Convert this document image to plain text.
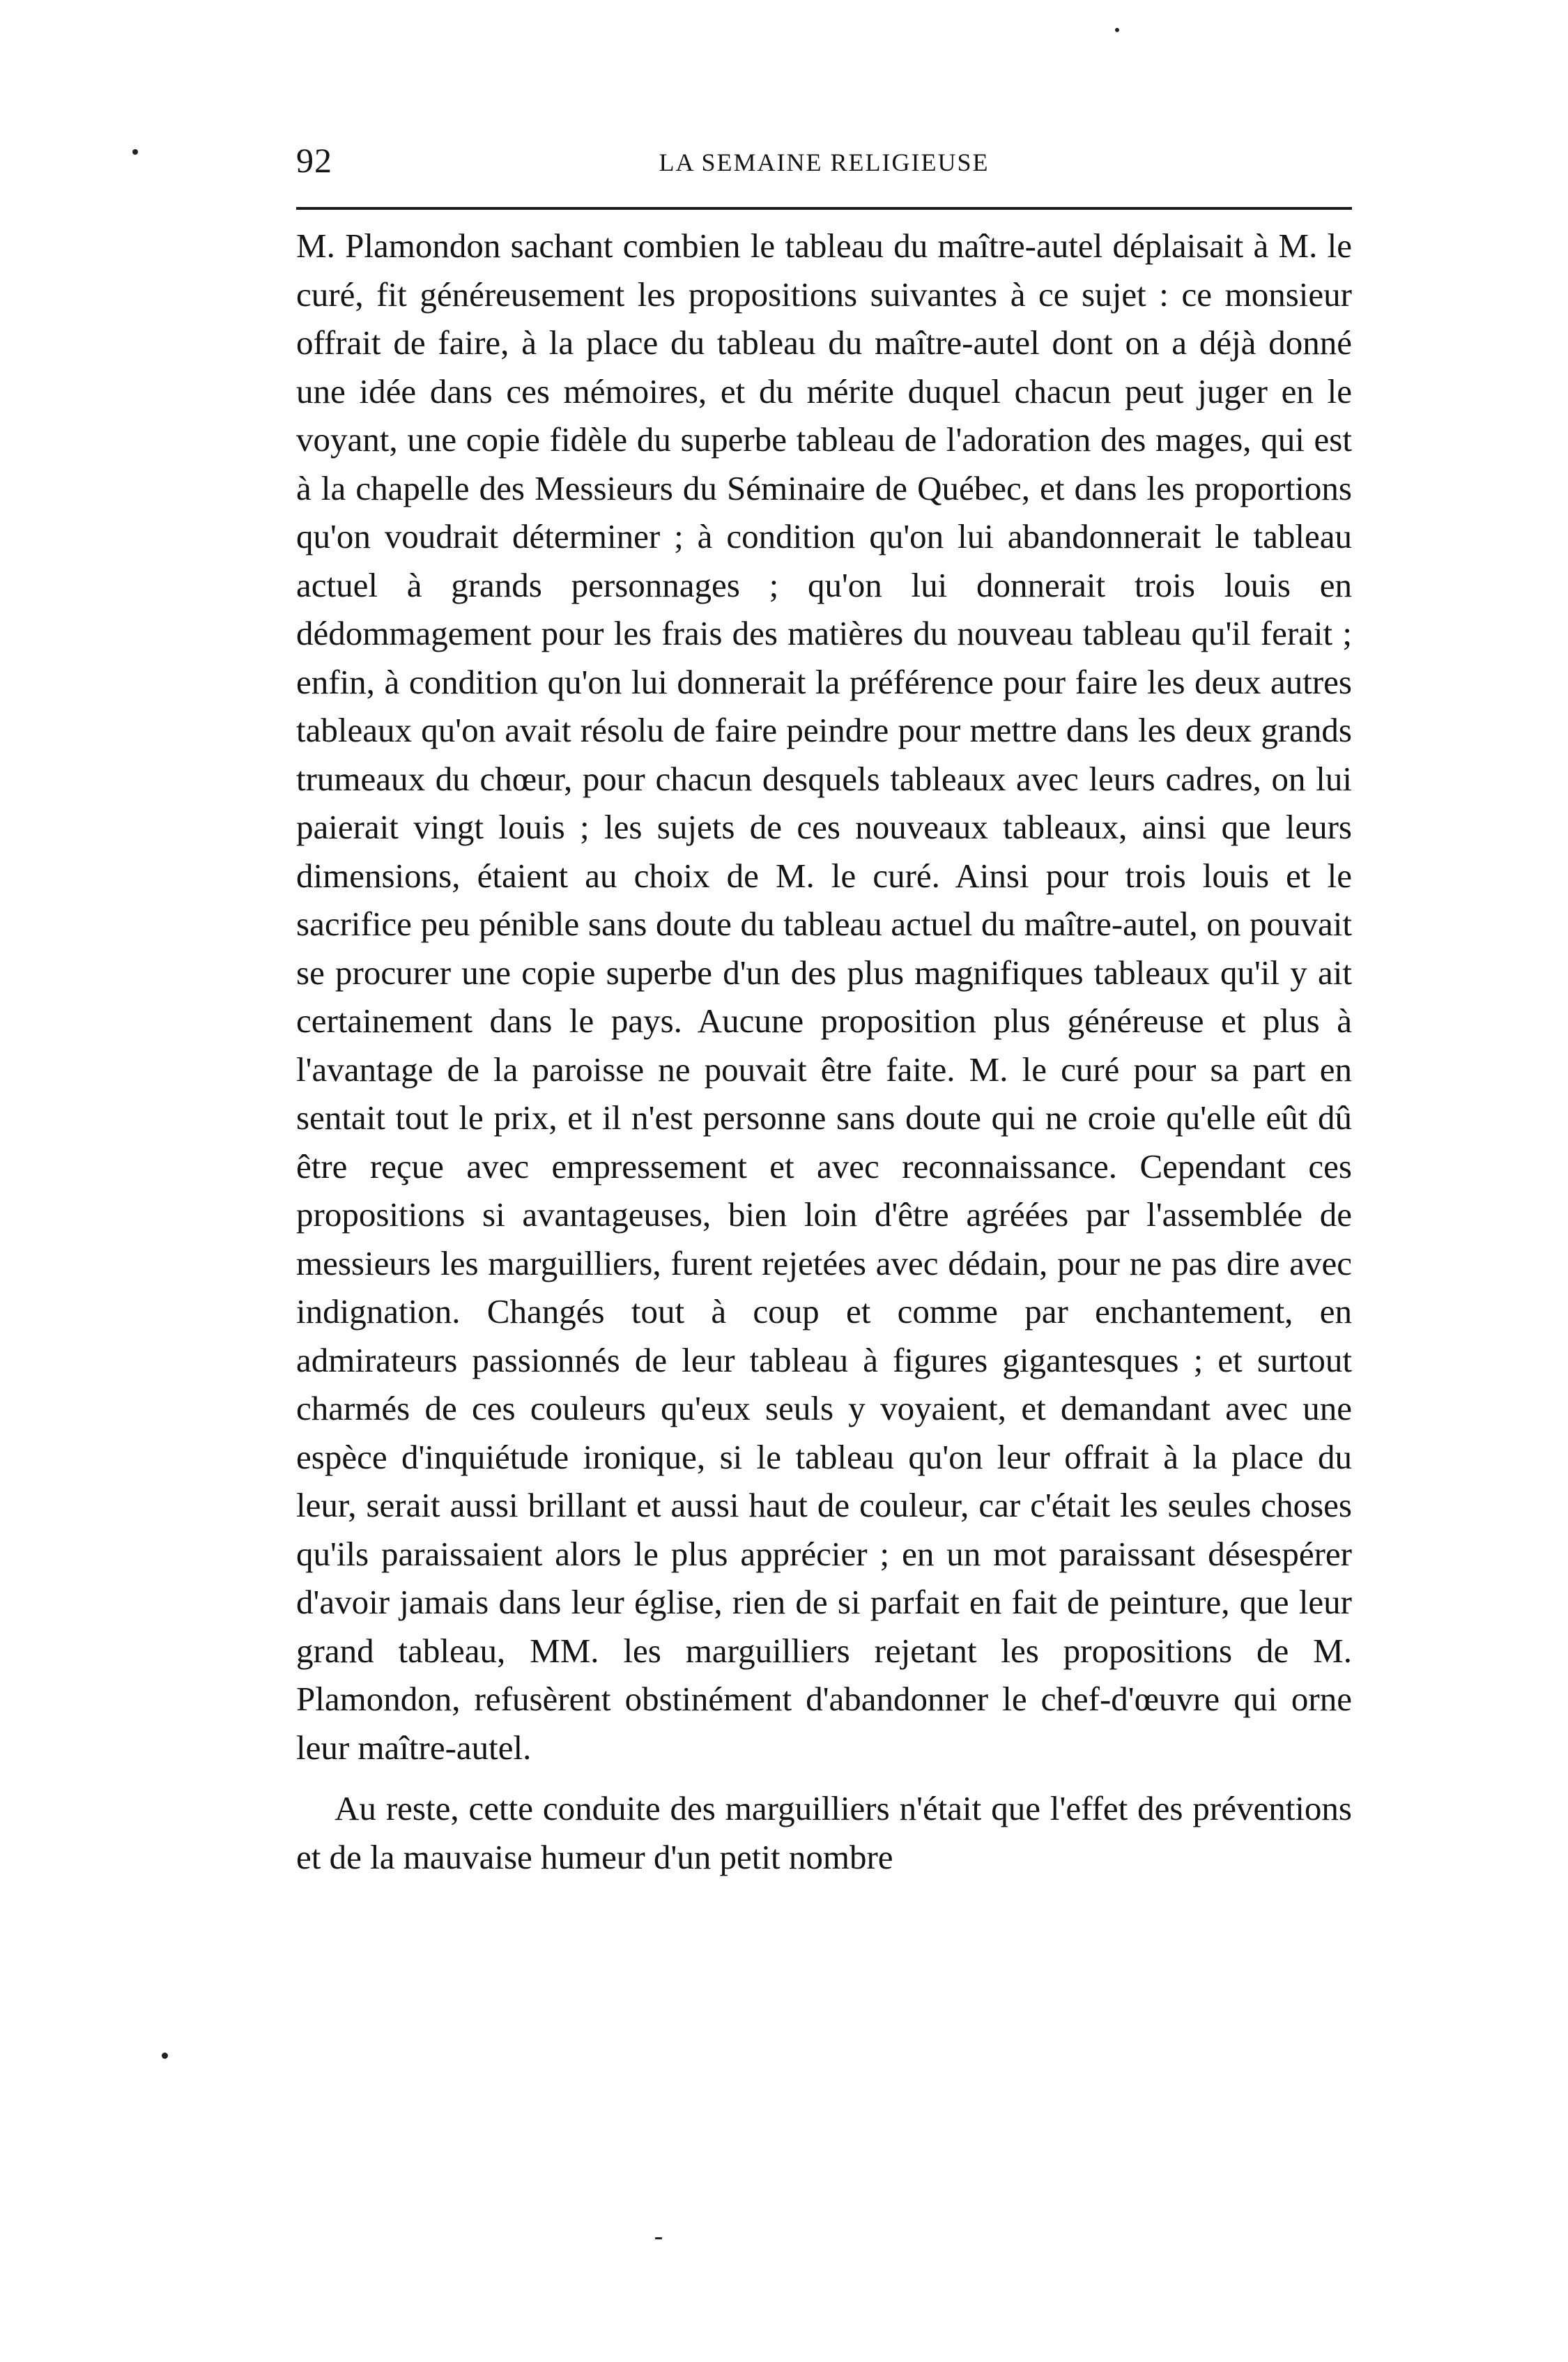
92	LA SEMAINE RELIGIEUSE

M. Plamondon sachant combien le tableau du maître-autel déplaisait à M. le curé, fit généreusement les propositions suivantes à ce sujet : ce monsieur offrait de faire, à la place du tableau du maître-autel dont on a déjà donné une idée dans ces mémoires, et du mérite duquel chacun peut juger en le voyant, une copie fidèle du superbe tableau de l'adoration des mages, qui est à la chapelle des Messieurs du Séminaire de Québec, et dans les proportions qu'on voudrait déterminer ; à condition qu'on lui abandonnerait le tableau actuel à grands personnages ; qu'on lui donnerait trois louis en dédommagement pour les frais des matières du nouveau tableau qu'il ferait ; enfin, à condition qu'on lui donnerait la préférence pour faire les deux autres tableaux qu'on avait résolu de faire peindre pour mettre dans les deux grands trumeaux du chœur, pour chacun desquels tableaux avec leurs cadres, on lui paierait vingt louis ; les sujets de ces nouveaux tableaux, ainsi que leurs dimensions, étaient au choix de M. le curé. Ainsi pour trois louis et le sacrifice peu pénible sans doute du tableau actuel du maître-autel, on pouvait se procurer une copie superbe d'un des plus magnifiques tableaux qu'il y ait certainement dans le pays. Aucune proposition plus généreuse et plus à l'avantage de la paroisse ne pouvait être faite. M. le curé pour sa part en sentait tout le prix, et il n'est personne sans doute qui ne croie qu'elle eût dû être reçue avec empressement et avec reconnaissance. Cependant ces propositions si avantageuses, bien loin d'être agréées par l'assemblée de messieurs les marguilliers, furent rejetées avec dédain, pour ne pas dire avec indignation. Changés tout à coup et comme par enchantement, en admirateurs passionnés de leur tableau à figures gigantesques ; et surtout charmés de ces couleurs qu'eux seuls y voyaient, et demandant avec une espèce d'inquiétude ironique, si le tableau qu'on leur offrait à la place du leur, serait aussi brillant et aussi haut de couleur, car c'était les seules choses qu'ils paraissaient alors le plus apprécier ; en un mot paraissant désespérer d'avoir jamais dans leur église, rien de si parfait en fait de peinture, que leur grand tableau, MM. les marguilliers rejetant les propositions de M. Plamondon, refusèrent obstinément d'abandonner le chef-d'œuvre qui orne leur maître-autel.

Au reste, cette conduite des marguilliers n'était que l'effet des préventions et de la mauvaise humeur d'un petit nombre
